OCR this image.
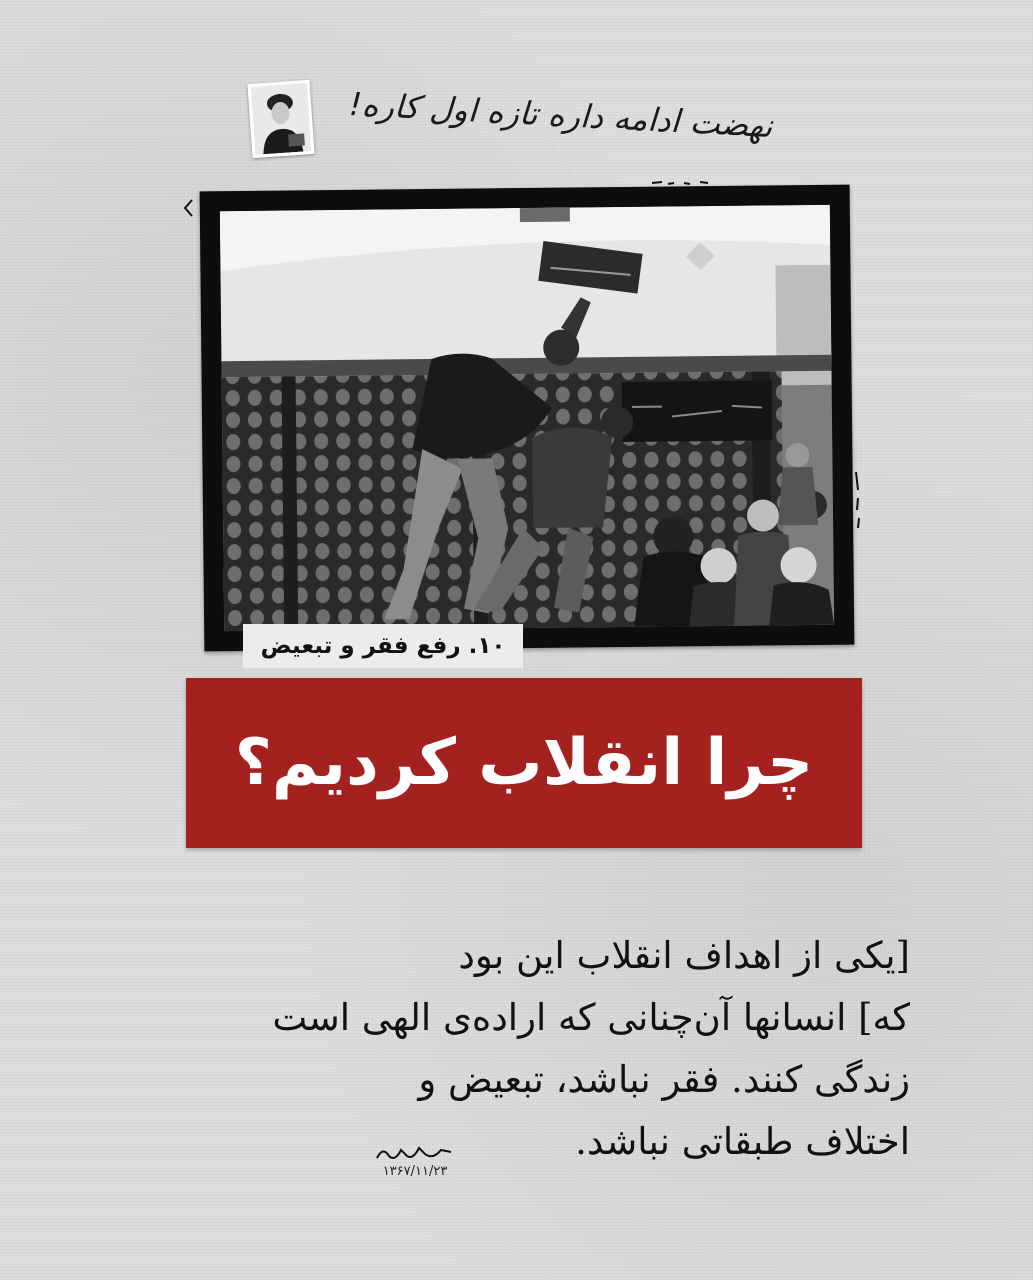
نهضت ادامه داره تازه اول کاره!
۱۰. رفع فقر و تبعیض
چرا انقلاب کردیم؟
[یکی از اهداف انقلاب این بود
که] انسانها آن‌چنانی که اراده‌ی الهی است
زندگی کنند. فقر نباشد، تبعیض و
اختلاف طبقاتی نباشد.
۱۳۶۷/۱۱/۲۳
